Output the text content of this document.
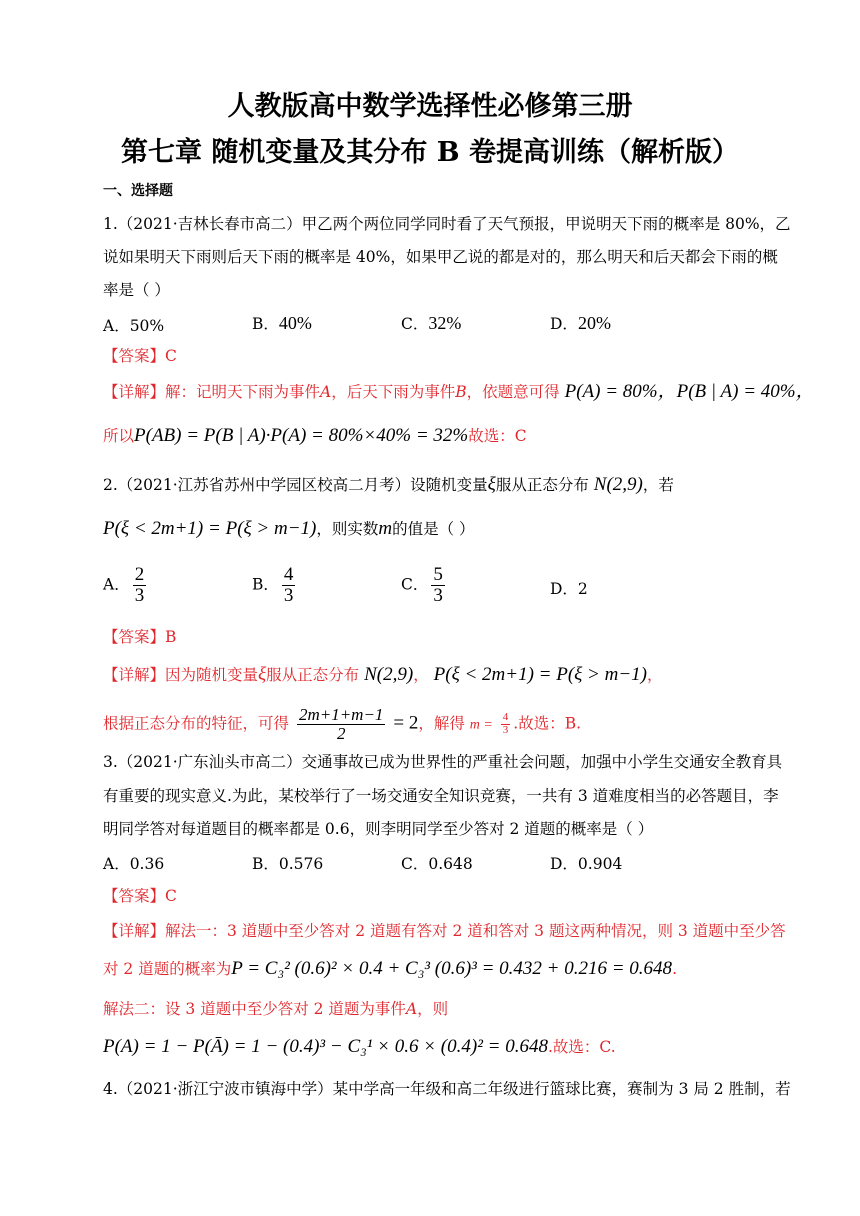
人教版高中数学选择性必修第三册
第七章 随机变量及其分布 B 卷提高训练（解析版）
一、选择题
1.（2021·吉林长春市高二）甲乙两个两位同学同时看了天气预报，甲说明天下雨的概率是 80%，乙
说如果明天下雨则后天下雨的概率是 40%，如果甲乙说的都是对的，那么明天和后天都会下雨的概
率是（ ）
A．50%	B．40%	C．32%	D．20%
【答案】C
【详解】解：记明天下雨为事件A，后天下雨为事件B，依题意可得 P(A) = 80%，P(B | A) = 40%，
所以P(AB) = P(B | A)·P(A) = 80%×40% = 32%故选：C
2.（2021·江苏省苏州中学园区校高二月考）设随机变量ξ服从正态分布 N(2,9)，若
P(ξ < 2m+1) = P(ξ > m−1)，则实数m的值是（ ）
A． $\frac{2}{3}$	B． $\frac{4}{3}$	C． $\frac{5}{3}$	D．2
【答案】B
【详解】因为随机变量ξ服从正态分布 N(2,9)， P(ξ < 2m+1) = P(ξ > m−1)，
根据正态分布的特征，可得 $\frac{2m+1+m-1}{2} = 2$，解得 $m = \frac{4}{3}$ .故选：B.
3.（2021·广东汕头市高二）交通事故已成为世界性的严重社会问题，加强中小学生交通安全教育具
有重要的现实意义.为此，某校举行了一场交通安全知识竞赛，一共有 3 道难度相当的必答题目，李
明同学答对每道题目的概率都是 0.6，则李明同学至少答对 2 道题的概率是（ ）
A．0.36	B．0.576	C．0.648	D．0.904
【答案】C
【详解】解法一：3 道题中至少答对 2 道题有答对 2 道和答对 3 题这两种情况，则 3 道题中至少答
对 2 道题的概率为P = C₃² (0.6)² × 0.4 + C₃³ (0.6)³ = 0.432 + 0.216 = 0.648.
解法二：设 3 道题中至少答对 2 道题为事件A，则
P(A) = 1 − P(Ā) = 1 − (0.4)³ − C₃¹ × 0.6 × (0.4)² = 0.648.故选：C.
4.（2021·浙江宁波市镇海中学）某中学高一年级和高二年级进行篮球比赛，赛制为 3 局 2 胜制，若
